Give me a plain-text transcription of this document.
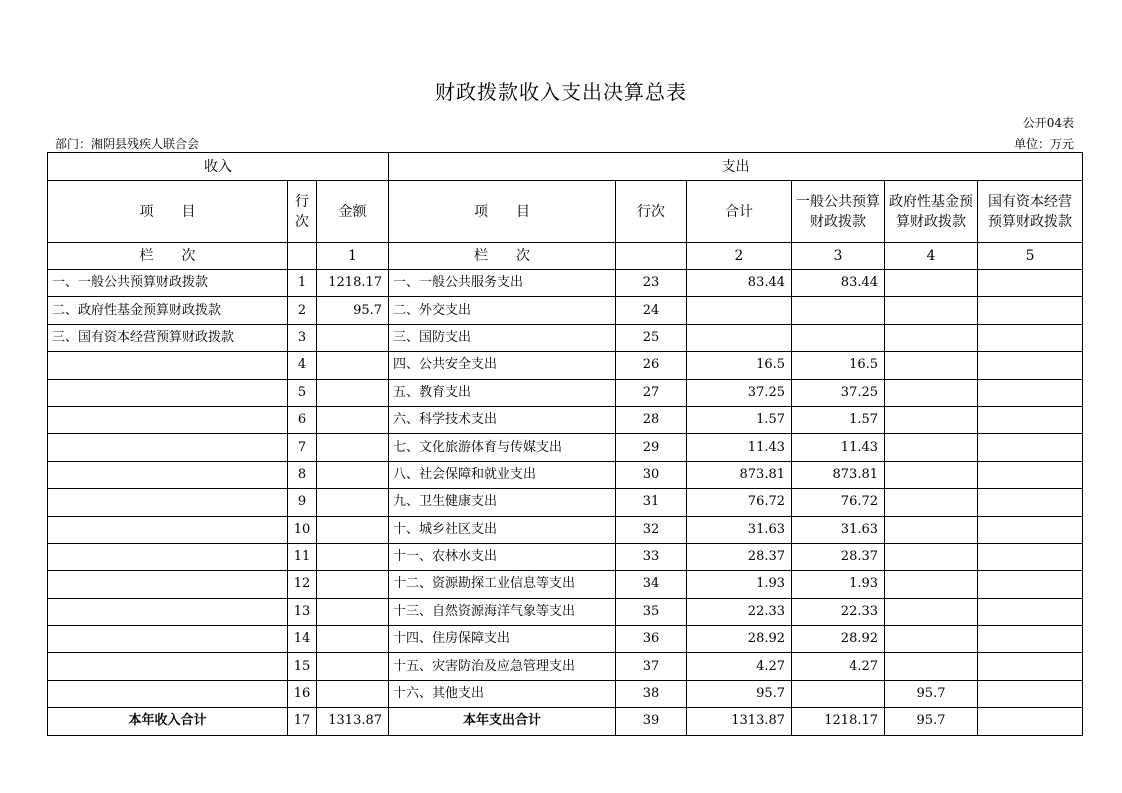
财政拨款收入支出决算总表
公开04表
部门：湘阴县残疾人联合会	单位：万元
收入			支出					
项　　目	行次	金额	项　　目	行次	合计	一般公共预算财政拨款	政府性基金预算财政拨款	国有资本经营预算财政拨款
栏　　次		1	栏　　次		2	3	4	5
一、一般公共预算财政拨款	1	1218.17	一、一般公共服务支出	23	83.44	83.44		
二、政府性基金预算财政拨款	2	95.7	二、外交支出	24				
三、国有资本经营预算财政拨款	3		三、国防支出	25				
	4		四、公共安全支出	26	16.5	16.5		
	5		五、教育支出	27	37.25	37.25		
	6		六、科学技术支出	28	1.57	1.57		
	7		七、文化旅游体育与传媒支出	29	11.43	11.43		
	8		八、社会保障和就业支出	30	873.81	873.81		
	9		九、卫生健康支出	31	76.72	76.72		
	10		十、城乡社区支出	32	31.63	31.63		
	11		十一、农林水支出	33	28.37	28.37		
	12		十二、资源勘探工业信息等支出	34	1.93	1.93		
	13		十三、自然资源海洋气象等支出	35	22.33	22.33		
	14		十四、住房保障支出	36	28.92	28.92		
	15		十五、灾害防治及应急管理支出	37	4.27	4.27		
	16		十六、其他支出	38	95.7		95.7	
本年收入合计	17	1313.87	本年支出合计	39	1313.87	1218.17	95.7	
